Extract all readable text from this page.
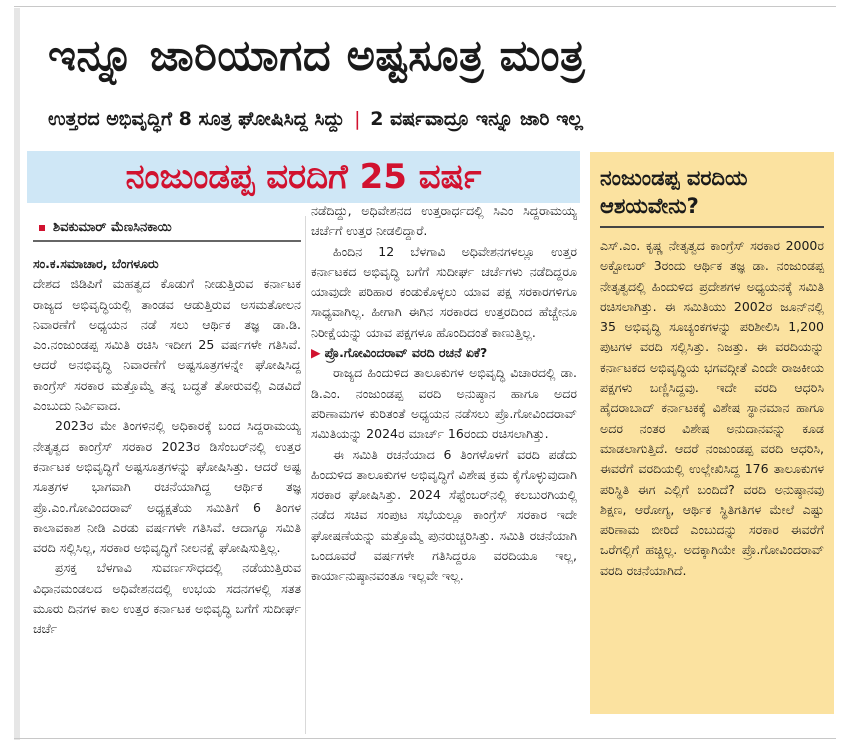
ಇನ್ನೂ ಜಾರಿಯಾಗದ ಅಷ್ಟಸೂತ್ರ ಮಂತ್ರ
ಉತ್ತರದ ಅಭಿವೃದ್ಧಿಗೆ 8 ಸೂತ್ರ ಘೋಷಿಸಿದ್ದ ಸಿದ್ದು | 2 ವರ್ಷವಾದ್ರೂ ಇನ್ನೂ ಜಾರಿ ಇಲ್ಲ
ನಂಜುಂಡಪ್ಪ ವರದಿಗೆ 25 ವರ್ಷ
ಶಿವಕುಮಾರ್ ಮೆಣಸಿನಕಾಯಿ

ಸಂ.ಕ.ಸಮಾಚಾರ, ಬೆಂಗಳೂರು

ದೇಶದ ಜಿಡಿಪಿಗೆ ಮಹತ್ವದ ಕೊಡುಗೆ ನೀಡುತ್ತಿರುವ ಕರ್ನಾಟಕ ರಾಜ್ಯದ ಅಭಿವೃದ್ಧಿಯಲ್ಲಿ ತಾಂಡವ ಆಡುತ್ತಿರುವ ಅಸಮತೋಲನ ನಿವಾರಣೆಗೆ ಅಧ್ಯಯನ ನಡೆ ಸಲು ಆರ್ಥಿಕ ತಜ್ಞ ಡಾ.ಡಿ. ಎಂ.ನಂಜುಂಡಪ್ಪ ಸಮಿತಿ ರಚಿಸಿ ಇದೀಗ 25 ವರ್ಷಗಳೇ ಗತಿಸಿವೆ. ಆದರೆ ಅನಭಿವೃದ್ಧಿ ನಿವಾರಣೆಗೆ ಅಷ್ಟಸೂತ್ರಗಳನ್ನೇ ಘೋಷಿಸಿದ್ದ ಕಾಂಗ್ರೆಸ್ ಸರಕಾರ ಮತ್ತೊಮ್ಮೆ ತನ್ನ ಬದ್ಧತೆ ತೋರುವಲ್ಲಿ ಎಡವಿದೆ ಎಂಬುದು ನಿರ್ವಿವಾದ.

2023ರ ಮೇ ತಿಂಗಳಿನಲ್ಲಿ ಅಧಿಕಾರಕ್ಕೆ ಬಂದ ಸಿದ್ದರಾಮಯ್ಯ ನೇತೃತ್ವದ ಕಾಂಗ್ರೆಸ್ ಸರಕಾರ 2023ರ ಡಿಸೆಂಬರ್‌ನಲ್ಲಿ ಉತ್ತರ ಕರ್ನಾಟಕ ಅಭಿವೃದ್ಧಿಗೆ ಅಷ್ಟಸೂತ್ರಗಳನ್ನು ಘೋಷಿಸಿತ್ತು. ಆದರೆ ಅಷ್ಟ ಸೂತ್ರಗಳ ಭಾಗವಾಗಿ ರಚನೆಯಾಗಿದ್ದ ಆರ್ಥಿಕ ತಜ್ಞ ಪ್ರೊ.ಎಂ.ಗೋವಿಂದರಾವ್ ಅಧ್ಯಕ್ಷತೆಯ ಸಮಿತಿಗೆ 6 ತಿಂಗಳ ಕಾಲಾವಕಾಶ ನೀಡಿ ಎರಡು ವರ್ಷಗಳೇ ಗತಿಸಿವೆ. ಆದಾಗ್ಯೂ ಸಮಿತಿ ವರದಿ ಸಲ್ಲಿಸಿಲ್ಲ, ಸರಕಾರ ಅಭಿವೃದ್ಧಿಗೆ ನೀಲನಕ್ಷೆ ಘೋಷಿಸುತ್ತಿಲ್ಲ.

ಪ್ರಸಕ್ತ ಬೆಳಗಾವಿ ಸುವರ್ಣಸೌಧದಲ್ಲಿ ನಡೆಯುತ್ತಿರುವ ವಿಧಾನಮಂಡಲದ ಅಧಿವೇಶನದಲ್ಲಿ ಉಭಯ ಸದನಗಳಲ್ಲಿ ಸತತ ಮೂರು ದಿನಗಳ ಕಾಲ ಉತ್ತರ ಕರ್ನಾಟಕ ಅಭಿವೃದ್ಧಿ ಬಗೆಗೆ ಸುದೀರ್ಘ ಚರ್ಚೆ

ನಡೆದಿದ್ದು, ಅಧಿವೇಶನದ ಉತ್ತರಾರ್ಧದಲ್ಲಿ ಸಿಎಂ ಸಿದ್ದರಾಮಯ್ಯ ಚರ್ಚೆಗೆ ಉತ್ತರ ನೀಡಲಿದ್ದಾರೆ.

ಹಿಂದಿನ 12 ಬೆಳಗಾವಿ ಅಧಿವೇಶನಗಳಲ್ಲೂ ಉತ್ತರ ಕರ್ನಾಟಕದ ಅಭಿವೃದ್ಧಿ ಬಗೆಗೆ ಸುದೀರ್ಘ ಚರ್ಚೆಗಳು ನಡೆದಿದ್ದರೂ ಯಾವುದೇ ಪರಿಹಾರ ಕಂಡುಕೊಳ್ಳಲು ಯಾವ ಪಕ್ಷ ಸರಕಾರಗಳಿಗೂ ಸಾಧ್ಯವಾಗಿಲ್ಲ. ಹೀಗಾಗಿ ಈಗಿನ ಸರಕಾರದ ಉತ್ತರದಿಂದ ಹೆಚ್ಚೇನೂ ನಿರೀಕ್ಷೆಯನ್ನು ಯಾವ ಪಕ್ಷಗಳೂ ಹೊಂದಿದಂತೆ ಕಾಣುತ್ತಿಲ್ಲ.

▶ ಪ್ರೊ.ಗೋವಿಂದರಾವ್ ವರದಿ ರಚನೆ ಏಕೆ?

ರಾಜ್ಯದ ಹಿಂದುಳಿದ ತಾಲೂಕುಗಳ ಅಭಿವೃದ್ಧಿ ವಿಚಾರದಲ್ಲಿ ಡಾ. ಡಿ.ಎಂ. ನಂಜುಂಡಪ್ಪ ವರದಿ ಅನುಷ್ಠಾನ ಹಾಗೂ ಅದರ ಪರಿಣಾಮಗಳ ಕುರಿತಂತೆ ಅಧ್ಯಯನ ನಡೆಸಲು ಪ್ರೊ.ಗೋವಿಂದರಾವ್ ಸಮಿತಿಯನ್ನು 2024ರ ಮಾರ್ಚ್ 16ರಂದು ರಚಿಸಲಾಗಿತ್ತು.

ಈ ಸಮಿತಿ ರಚನೆಯಾದ 6 ತಿಂಗಳೊಳಗೆ ವರದಿ ಪಡೆದು ಹಿಂದುಳಿದ ತಾಲೂಕುಗಳ ಅಭಿವೃದ್ಧಿಗೆ ವಿಶೇಷ ಕ್ರಮ ಕೈಗೊಳ್ಳುವುದಾಗಿ ಸರಕಾರ ಘೋಷಿಸಿತ್ತು. 2024 ಸೆಪ್ಟೆಂಬರ್‌ನಲ್ಲಿ ಕಲಬುರಗಿಯಲ್ಲಿ ನಡೆದ ಸಚಿವ ಸಂಪುಟ ಸಭೆಯಲ್ಲೂ ಕಾಂಗ್ರೆಸ್ ಸರಕಾರ ಇದೇ ಘೋಷಣೆಯನ್ನು ಮತ್ತೊಮ್ಮೆ ಪುನರುಚ್ಚರಿಸಿತ್ತು. ಸಮಿತಿ ರಚನೆಯಾಗಿ ಒಂದೂವರೆ ವರ್ಷಗಳೇ ಗತಿಸಿದ್ದರೂ ವರದಿಯೂ ಇಲ್ಲ, ಕಾರ್ಯಾನುಷ್ಠಾನವಂತೂ ಇಲ್ಲವೇ ಇಲ್ಲ.

ನಂಜುಂಡಪ್ಪ ವರದಿಯ ಆಶಯವೇನು?
ಎಸ್.ಎಂ. ಕೃಷ್ಣ ನೇತೃತ್ವದ ಕಾಂಗ್ರೆಸ್ ಸರಕಾರ 2000ರ ಅಕ್ಟೋಬರ್ 3ರಂದು ಆರ್ಥಿಕ ತಜ್ಞ ಡಾ. ನಂಜುಂಡಪ್ಪ ನೇತೃತ್ವದಲ್ಲಿ ಹಿಂದುಳಿದ ಪ್ರದೇಶಗಳ ಅಧ್ಯಯನಕ್ಕೆ ಸಮಿತಿ ರಚಿಸಲಾಗಿತ್ತು. ಈ ಸಮಿತಿಯು 2002ರ ಜೂನ್‌ನಲ್ಲಿ 35 ಅಭಿವೃದ್ಧಿ ಸೂಚ್ಯಂಕಗಳನ್ನು ಪರಿಶೀಲಿಸಿ 1,200 ಪುಟಗಳ ವರದಿ ಸಲ್ಲಿಸಿತ್ತು. ನಿಜತ್ತು. ಈ ವರದಿಯನ್ನು ಕರ್ನಾಟಕದ ಅಭಿವೃದ್ಧಿಯ ಭಗವದ್ಗೀತೆ ಎಂದೇ ರಾಜಕೀಯ ಪಕ್ಷಗಳು ಬಣ್ಣಿಸಿದ್ದವು. ಇದೇ ವರದಿ ಆಧರಿಸಿ ಹೈದರಾಬಾದ್ ಕರ್ನಾಟಕಕ್ಕೆ ವಿಶೇಷ ಸ್ಥಾನಮಾನ ಹಾಗೂ ಅದರ ನಂತರ ವಿಶೇಷ ಅನುದಾನವನ್ನು ಕೂಡ ಮಾಡಲಾಗುತ್ತಿದೆ. ಆದರೆ ನಂಜುಂಡಪ್ಪ ವರದಿ ಆಧರಿಸಿ, ಈವರೆಗೆ ವರದಿಯಲ್ಲಿ ಉಲ್ಲೇಖಿಸಿದ್ದ 176 ತಾಲೂಕುಗಳ ಪರಿಸ್ಥಿತಿ ಈಗ ಎಲ್ಲಿಗೆ ಬಂದಿದೆ? ವರದಿ ಅನುಷ್ಠಾನವು ಶಿಕ್ಷಣ, ಆರೋಗ್ಯ, ಆರ್ಥಿಕ ಸ್ಥಿತಿಗತಿಗಳ ಮೇಲೆ ಎಷ್ಟು ಪರಿಣಾಮ ಬೀರಿದೆ ಎಂಬುದನ್ನು ಸರಕಾರ ಈವರೆಗೆ ಒರೆಗಲ್ಲಿಗೆ ಹಚ್ಚಿಲ್ಲ. ಅದಕ್ಕಾಗಿಯೇ ಪ್ರೊ.ಗೋವಿಂದರಾವ್ ವರದಿ ರಚನೆಯಾಗಿದೆ.
